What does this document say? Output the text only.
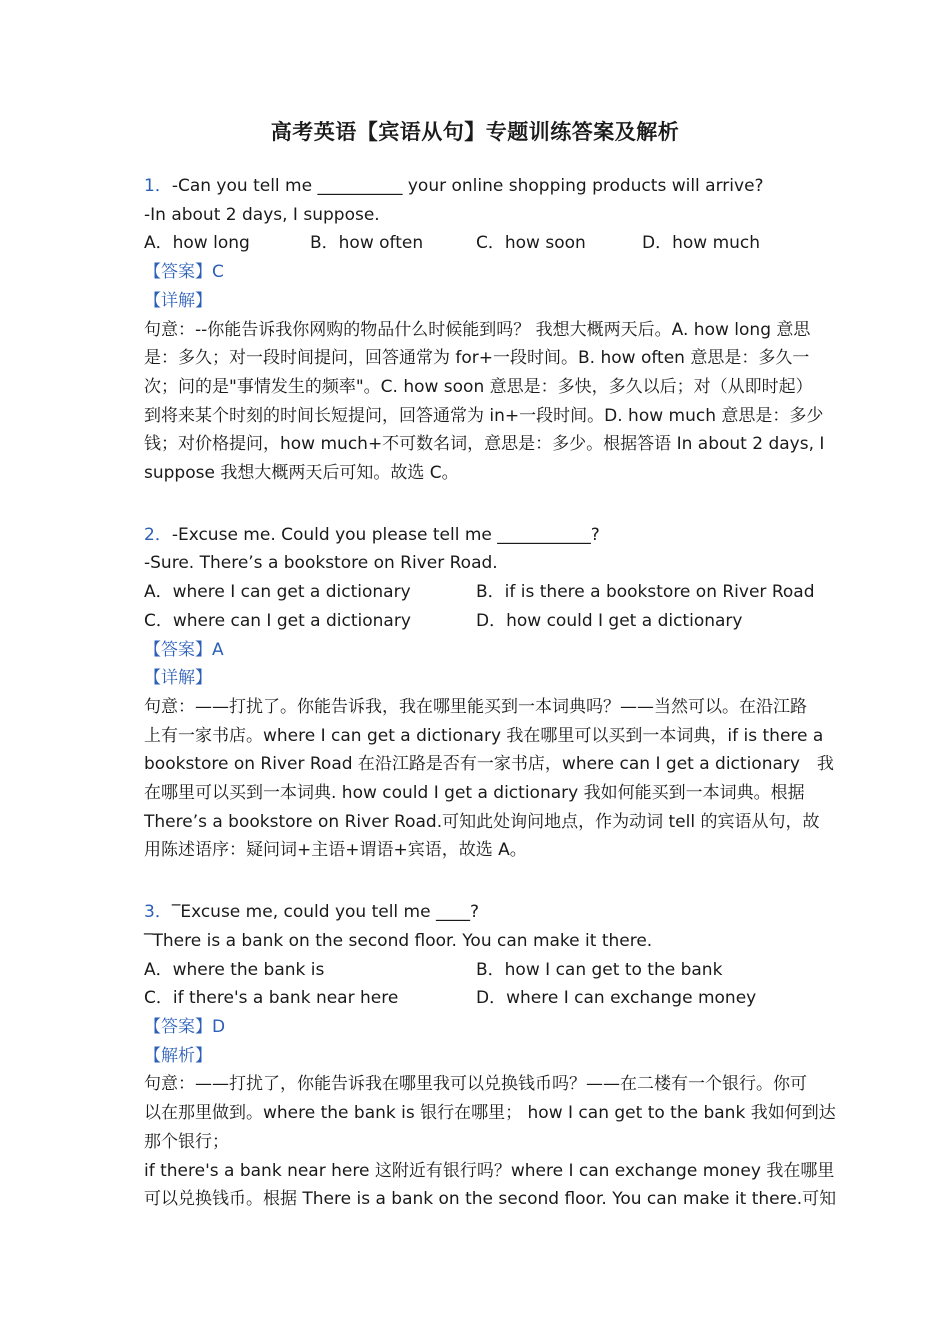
高考英语【宾语从句】专题训练答案及解析
1．-Can you tell me __________ your online shopping products will arrive?
-In about 2 days, I suppose.
A．how long	B．how often	C．how soon	D．how much
【答案】C
【详解】
句意：--你能告诉我你网购的物品什么时候能到吗？ 我想大概两天后。A. how long 意思
是：多久；对一段时间提问，回答通常为 for+一段时间。B. how often 意思是：多久一
次；问的是"事情发生的频率"。C. how soon 意思是：多快，多久以后；对（从即时起）
到将来某个时刻的时间长短提问，回答通常为 in+一段时间。D. how much 意思是：多少
钱；对价格提问，how much+不可数名词，意思是：多少。根据答语 In about 2 days, I
suppose 我想大概两天后可知。故选 C。
2．-Excuse me. Could you please tell me ___________?
-Sure. There’s a bookstore on River Road.
A．where I can get a dictionary	B．if is there a bookstore on River Road
C．where can I get a dictionary	D．how could I get a dictionary
【答案】A
【详解】
句意：——打扰了。你能告诉我，我在哪里能买到一本词典吗？——当然可以。在沿江路
上有一家书店。where I can get a dictionary 我在哪里可以买到一本词典，if is there a
bookstore on River Road 在沿江路是否有一家书店，where can I get a dictionary　我
在哪里可以买到一本词典. how could I get a dictionary 我如何能买到一本词典。根据
There’s a bookstore on River Road.可知此处询问地点，作为动词 tell 的宾语从句，故
用陈述语序：疑问词+主语+谓语+宾语，故选 A。
3．‾Excuse me, could you tell me ____?
‾There is a bank on the second floor. You can make it there.
A．where the bank is	B．how I can get to the bank
C．if there's a bank near here	D．where I can exchange money
【答案】D
【解析】
句意：——打扰了，你能告诉我在哪里我可以兑换钱币吗？——在二楼有一个银行。你可
以在那里做到。where the bank is 银行在哪里； how I can get to the bank 我如何到达
那个银行；
if there's a bank near here 这附近有银行吗？where I can exchange money 我在哪里
可以兑换钱币。根据 There is a bank on the second floor. You can make it there.可知
